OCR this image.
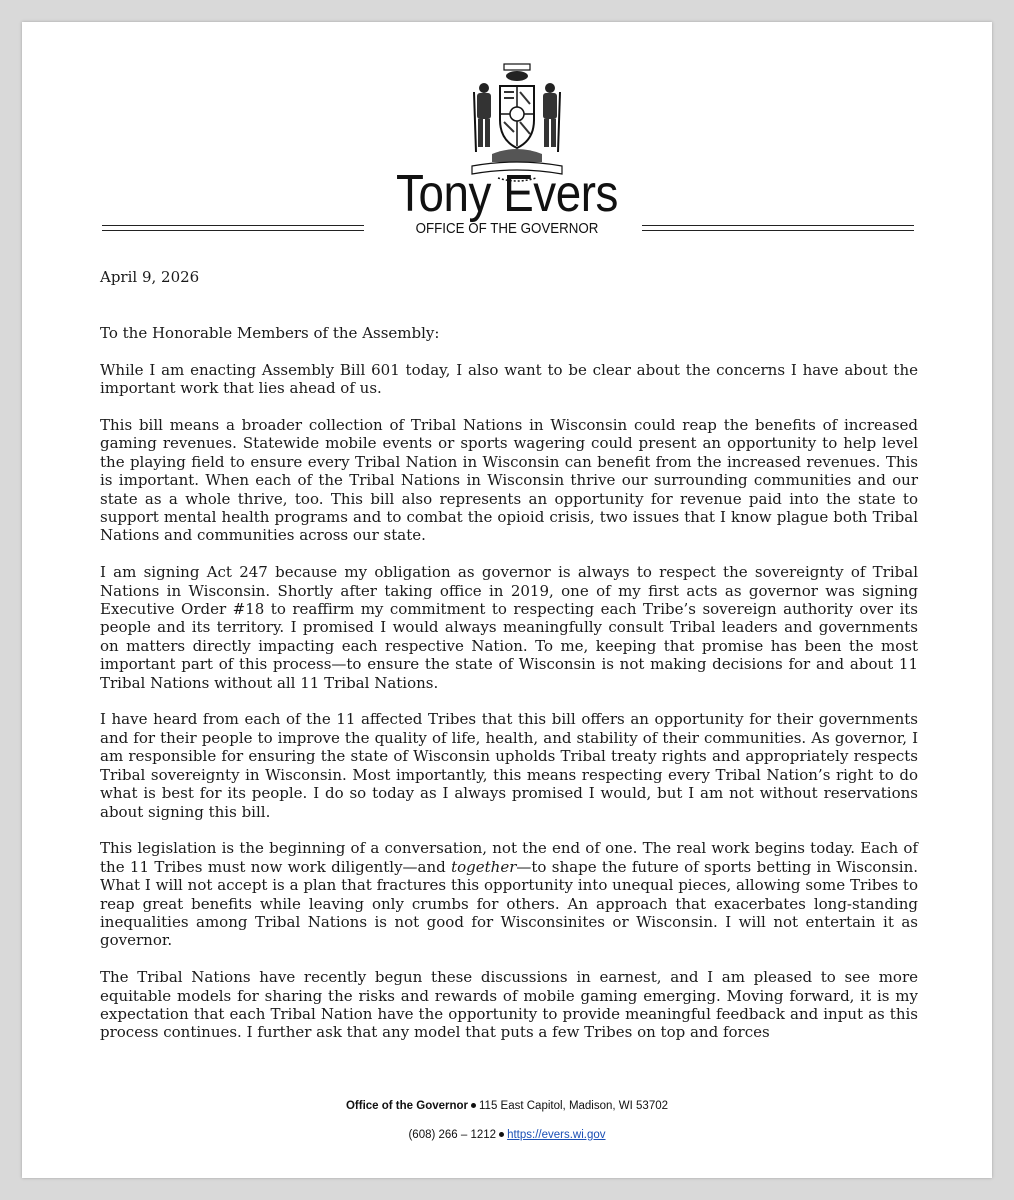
Tony Evers
OFFICE OF THE GOVERNOR

April 9, 2026

To the Honorable Members of the Assembly:

While I am enacting Assembly Bill 601 today, I also want to be clear about the concerns I have about the important work that lies ahead of us.

This bill means a broader collection of Tribal Nations in Wisconsin could reap the benefits of increased gaming revenues. Statewide mobile events or sports wagering could present an opportunity to help level the playing field to ensure every Tribal Nation in Wisconsin can benefit from the increased revenues. This is important. When each of the Tribal Nations in Wisconsin thrive our surrounding communities and our state as a whole thrive, too. This bill also represents an opportunity for revenue paid into the state to support mental health programs and to combat the opioid crisis, two issues that I know plague both Tribal Nations and communities across our state.

I am signing Act 247 because my obligation as governor is always to respect the sovereignty of Tribal Nations in Wisconsin. Shortly after taking office in 2019, one of my first acts as governor was signing Executive Order #18 to reaffirm my commitment to respecting each Tribe’s sovereign authority over its people and its territory. I promised I would always meaningfully consult Tribal leaders and governments on matters directly impacting each respective Nation. To me, keeping that promise has been the most important part of this process—to ensure the state of Wisconsin is not making decisions for and about 11 Tribal Nations without all 11 Tribal Nations.

I have heard from each of the 11 affected Tribes that this bill offers an opportunity for their governments and for their people to improve the quality of life, health, and stability of their communities. As governor, I am responsible for ensuring the state of Wisconsin upholds Tribal treaty rights and appropriately respects Tribal sovereignty in Wisconsin. Most importantly, this means respecting every Tribal Nation’s right to do what is best for its people. I do so today as I always promised I would, but I am not without reservations about signing this bill.

This legislation is the beginning of a conversation, not the end of one. The real work begins today. Each of the 11 Tribes must now work diligently—and together—to shape the future of sports betting in Wisconsin. What I will not accept is a plan that fractures this opportunity into unequal pieces, allowing some Tribes to reap great benefits while leaving only crumbs for others. An approach that exacerbates long-standing inequalities among Tribal Nations is not good for Wisconsinites or Wisconsin. I will not entertain it as governor.

The Tribal Nations have recently begun these discussions in earnest, and I am pleased to see more equitable models for sharing the risks and rewards of mobile gaming emerging. Moving forward, it is my expectation that each Tribal Nation have the opportunity to provide meaningful feedback and input as this process continues. I further ask that any model that puts a few Tribes on top and forces

Office of the Governor 115 East Capitol, Madison, WI 53702
(608) 266 – 1212 https://evers.wi.gov
